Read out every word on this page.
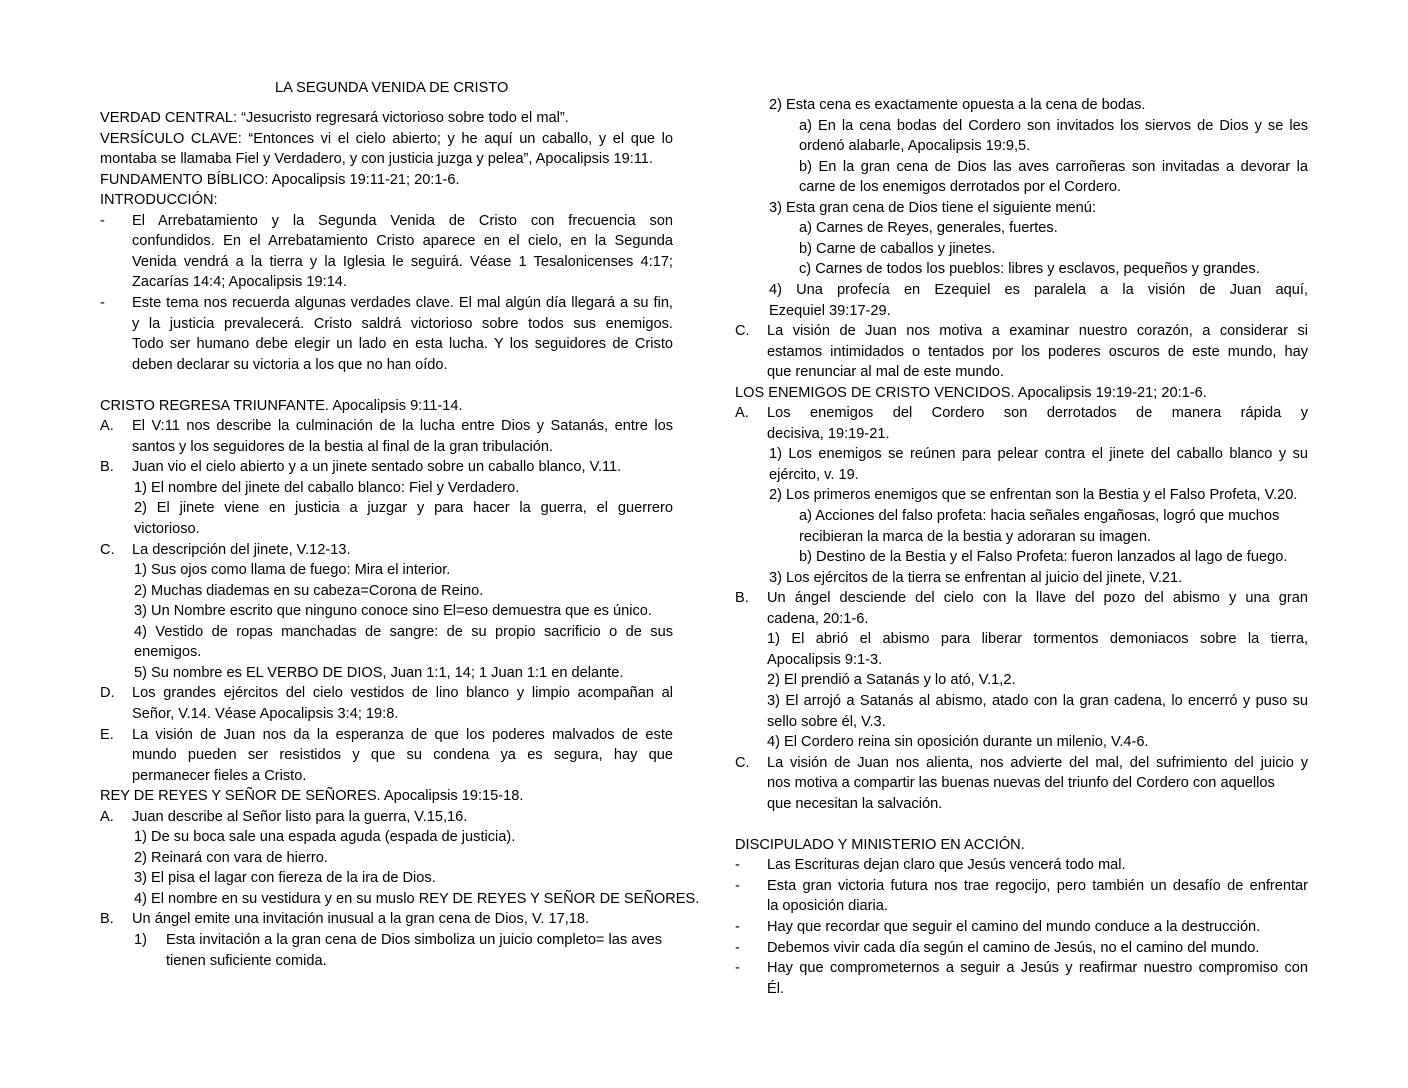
LA SEGUNDA VENIDA DE CRISTO
VERDAD CENTRAL: “Jesucristo regresará victorioso sobre todo el mal”.
VERSÍCULO CLAVE: “Entonces vi el cielo abierto; y he aquí un caballo, y el que lo
montaba se llamaba Fiel y Verdadero, y con justicia juzga y pelea”, Apocalipsis 19:11.
FUNDAMENTO BÍBLICO: Apocalipsis 19:11-21; 20:1-6.
INTRODUCCIÓN:
- El Arrebatamiento y la Segunda Venida de Cristo con frecuencia son
confundidos. En el Arrebatamiento Cristo aparece en el cielo, en la Segunda
Venida vendrá a la tierra y la Iglesia le seguirá. Véase 1 Tesalonicenses 4:17;
Zacarías 14:4; Apocalipsis 19:14.
- Este tema nos recuerda algunas verdades clave. El mal algún día llegará a su fin,
y la justicia prevalecerá. Cristo saldrá victorioso sobre todos sus enemigos.
Todo ser humano debe elegir un lado en esta lucha. Y los seguidores de Cristo
deben declarar su victoria a los que no han oído.
CRISTO REGRESA TRIUNFANTE. Apocalipsis 9:11-14.
A. El V:11 nos describe la culminación de la lucha entre Dios y Satanás, entre los
santos y los seguidores de la bestia al final de la gran tribulación.
B. Juan vio el cielo abierto y a un jinete sentado sobre un caballo blanco, V.11.
1) El nombre del jinete del caballo blanco: Fiel y Verdadero.
2) El jinete viene en justicia a juzgar y para hacer la guerra, el guerrero
victorioso.
C. La descripción del jinete, V.12-13.
1) Sus ojos como llama de fuego: Mira el interior.
2) Muchas diademas en su cabeza=Corona de Reino.
3) Un Nombre escrito que ninguno conoce sino El=eso demuestra que es único.
4) Vestido de ropas manchadas de sangre: de su propio sacrificio o de sus
enemigos.
5) Su nombre es EL VERBO DE DIOS, Juan 1:1, 14; 1 Juan 1:1 en delante.
D. Los grandes ejércitos del cielo vestidos de lino blanco y limpio acompañan al
Señor, V.14. Véase Apocalipsis 3:4; 19:8.
E. La visión de Juan nos da la esperanza de que los poderes malvados de este
mundo pueden ser resistidos y que su condena ya es segura, hay que
permanecer fieles a Cristo.
REY DE REYES Y SEÑOR DE SEÑORES. Apocalipsis 19:15-18.
A. Juan describe al Señor listo para la guerra, V.15,16.
1) De su boca sale una espada aguda (espada de justicia).
2) Reinará con vara de hierro.
3) El pisa el lagar con fiereza de la ira de Dios.
4) El nombre en su vestidura y en su muslo REY DE REYES Y SEÑOR DE SEÑORES.
B. Un ángel emite una invitación inusual a la gran cena de Dios, V. 17,18.
1) Esta invitación a la gran cena de Dios simboliza un juicio completo= las aves
tienen suficiente comida.
2) Esta cena es exactamente opuesta a la cena de bodas.
a) En la cena bodas del Cordero son invitados los siervos de Dios y se les
ordenó alabarle, Apocalipsis 19:9,5.
b) En la gran cena de Dios las aves carroñeras son invitadas a devorar la
carne de los enemigos derrotados por el Cordero.
3) Esta gran cena de Dios tiene el siguiente menú:
a) Carnes de Reyes, generales, fuertes.
b) Carne de caballos y jinetes.
c) Carnes de todos los pueblos: libres y esclavos, pequeños y grandes.
4) Una profecía en Ezequiel es paralela a la visión de Juan aquí,
Ezequiel 39:17-29.
C. La visión de Juan nos motiva a examinar nuestro corazón, a considerar si
estamos intimidados o tentados por los poderes oscuros de este mundo, hay
que renunciar al mal de este mundo.
LOS ENEMIGOS DE CRISTO VENCIDOS. Apocalipsis 19:19-21; 20:1-6.
A. Los enemigos del Cordero son derrotados de manera rápida y
decisiva, 19:19-21.
1) Los enemigos se reúnen para pelear contra el jinete del caballo blanco y su
ejército, v. 19.
2) Los primeros enemigos que se enfrentan son la Bestia y el Falso Profeta, V.20.
a) Acciones del falso profeta: hacia señales engañosas, logró que muchos
recibieran la marca de la bestia y adoraran su imagen.
b) Destino de la Bestia y el Falso Profeta: fueron lanzados al lago de fuego.
3) Los ejércitos de la tierra se enfrentan al juicio del jinete, V.21.
B. Un ángel desciende del cielo con la llave del pozo del abismo y una gran
cadena, 20:1-6.
1) El abrió el abismo para liberar tormentos demoniacos sobre la tierra,
Apocalipsis 9:1-3.
2) El prendió a Satanás y lo ató, V.1,2.
3) El arrojó a Satanás al abismo, atado con la gran cadena, lo encerró y puso su
sello sobre él, V.3.
4) El Cordero reina sin oposición durante un milenio, V.4-6.
C. La visión de Juan nos alienta, nos advierte del mal, del sufrimiento del juicio y
nos motiva a compartir las buenas nuevas del triunfo del Cordero con aquellos
que necesitan la salvación.
DISCIPULADO Y MINISTERIO EN ACCIÓN.
- Las Escrituras dejan claro que Jesús vencerá todo mal.
- Esta gran victoria futura nos trae regocijo, pero también un desafío de enfrentar
la oposición diaria.
- Hay que recordar que seguir el camino del mundo conduce a la destrucción.
- Debemos vivir cada día según el camino de Jesús, no el camino del mundo.
- Hay que comprometernos a seguir a Jesús y reafirmar nuestro compromiso con
Él.
